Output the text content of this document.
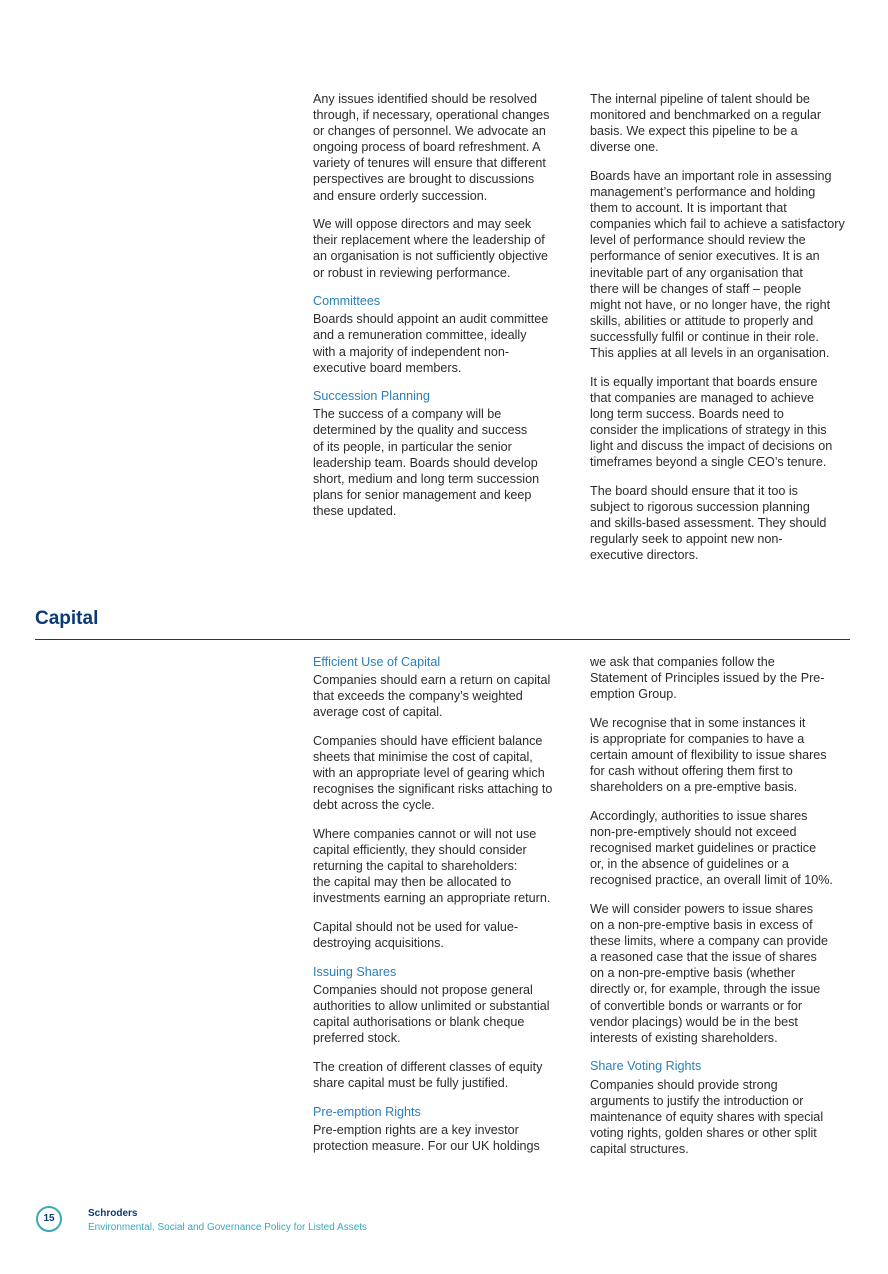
Any issues identified should be resolved
through, if necessary, operational changes
or changes of personnel. We advocate an
ongoing process of board refreshment. A
variety of tenures will ensure that different
perspectives are brought to discussions
and ensure orderly succession.

We will oppose directors and may seek
their replacement where the leadership of
an organisation is not sufficiently objective
or robust in reviewing performance.

Committees

Boards should appoint an audit committee
and a remuneration committee, ideally
with a majority of independent non-
executive board members.

Succession Planning

The success of a company will be
determined by the quality and success
of its people, in particular the senior
leadership team. Boards should develop
short, medium and long term succession
plans for senior management and keep
these updated.

The internal pipeline of talent should be
monitored and benchmarked on a regular
basis. We expect this pipeline to be a
diverse one.

Boards have an important role in assessing
management’s performance and holding
them to account. It is important that
companies which fail to achieve a satisfactory
level of performance should review the
performance of senior executives. It is an
inevitable part of any organisation that
there will be changes of staff – people
might not have, or no longer have, the right
skills, abilities or attitude to properly and
successfully fulfil or continue in their role.
This applies at all levels in an organisation.

It is equally important that boards ensure
that companies are managed to achieve
long term success. Boards need to
consider the implications of strategy in this
light and discuss the impact of decisions on
timeframes beyond a single CEO’s tenure.

The board should ensure that it too is
subject to rigorous succession planning
and skills-based assessment. They should
regularly seek to appoint new non-
executive directors.

Capital
Efficient Use of Capital

Companies should earn a return on capital
that exceeds the company’s weighted
average cost of capital.

Companies should have efficient balance
sheets that minimise the cost of capital,
with an appropriate level of gearing which
recognises the significant risks attaching to
debt across the cycle.

Where companies cannot or will not use
capital efficiently, they should consider
returning the capital to shareholders:
the capital may then be allocated to
investments earning an appropriate return.

Capital should not be used for value-
destroying acquisitions.

Issuing Shares

Companies should not propose general
authorities to allow unlimited or substantial
capital authorisations or blank cheque
preferred stock.

The creation of different classes of equity
share capital must be fully justified.

Pre-emption Rights

Pre-emption rights are a key investor
protection measure. For our UK holdings

we ask that companies follow the
Statement of Principles issued by the Pre-
emption Group.

We recognise that in some instances it
is appropriate for companies to have a
certain amount of flexibility to issue shares
for cash without offering them first to
shareholders on a pre-emptive basis.

Accordingly, authorities to issue shares
non-pre-emptively should not exceed
recognised market guidelines or practice
or, in the absence of guidelines or a
recognised practice, an overall limit of 10%.

We will consider powers to issue shares
on a non-pre-emptive basis in excess of
these limits, where a company can provide
a reasoned case that the issue of shares
on a non-pre-emptive basis (whether
directly or, for example, through the issue
of convertible bonds or warrants or for
vendor placings) would be in the best
interests of existing shareholders.

Share Voting Rights

Companies should provide strong
arguments to justify the introduction or
maintenance of equity shares with special
voting rights, golden shares or other split
capital structures.

15	Schroders
Environmental, Social and Governance Policy for Listed Assets
